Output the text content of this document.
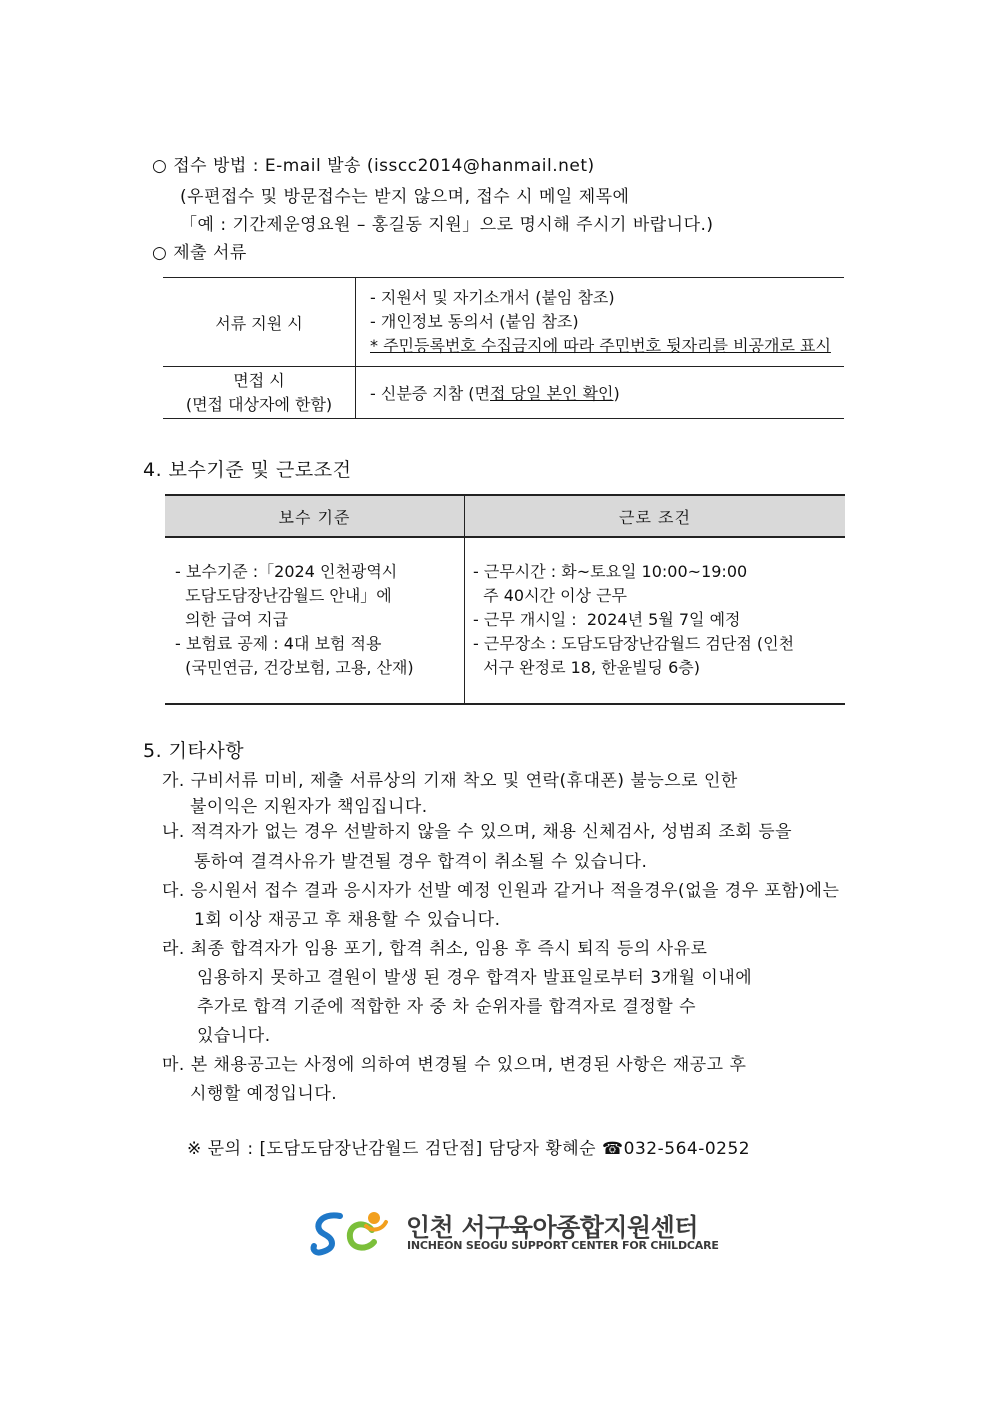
○ 접수 방법 : E-mail 발송 (isscc2014@hanmail.net)
(우편접수 및 방문접수는 받지 않으며, 접수 시 메일 제목에
「예 : 기간제운영요원 – 홍길동 지원」으로 명시해 주시기 바랍니다.)
○ 제출 서류
서류 지원 시	- 지원서 및 자기소개서 (붙임 참조)
- 개인정보 동의서 (붙임 참조)
* 주민등록번호 수집금지에 따라 주민번호 뒷자리를 비공개로 표시

면접 시
(면접 대상자에 한함)	- 신분증 지참 (면접 당일 본인 확인)
4. 보수기준 및 근로조건
보수 기준	근로 조건

- 보수기준 :「2024 인천광역시
도담도담장난감월드 안내」에
의한 급여 지급
- 보험료 공제 : 4대 보험 적용
(국민연금, 건강보험, 고용, 산재)	- 근무시간 : 화~토요일 10:00~19:00
주 40시간 이상 근무
- 근무 개시일 :  2024년 5월 7일 예정
- 근무장소 : 도담도담장난감월드 검단점 (인천
서구 완정로 18, 한윤빌딩 6층)
5. 기타사항
가. 구비서류 미비, 제출 서류상의 기재 착오 및 연락(휴대폰) 불능으로 인한
불이익은 지원자가 책임집니다.
나. 적격자가 없는 경우 선발하지 않을 수 있으며, 채용 신체검사, 성범죄 조회 등을
통하여 결격사유가 발견될 경우 합격이 취소될 수 있습니다.
다. 응시원서 접수 결과 응시자가 선발 예정 인원과 같거나 적을경우(없을 경우 포함)에는
1회 이상 재공고 후 채용할 수 있습니다.
라. 최종 합격자가 임용 포기, 합격 취소, 임용 후 즉시 퇴직 등의 사유로
임용하지 못하고 결원이 발생 된 경우 합격자 발표일로부터 3개월 이내에
추가로 합격 기준에 적합한 자 중 차 순위자를 합격자로 결정할 수
있습니다.
마. 본 채용공고는 사정에 의하여 변경될 수 있으며, 변경된 사항은 재공고 후
시행할 예정입니다.
※ 문의 : [도담도담장난감월드 검단점] 담당자 황혜순 ☎032-564-0252
인천 서구육아종합지원센터
INCHEON SEOGU SUPPORT CENTER FOR CHILDCARE
